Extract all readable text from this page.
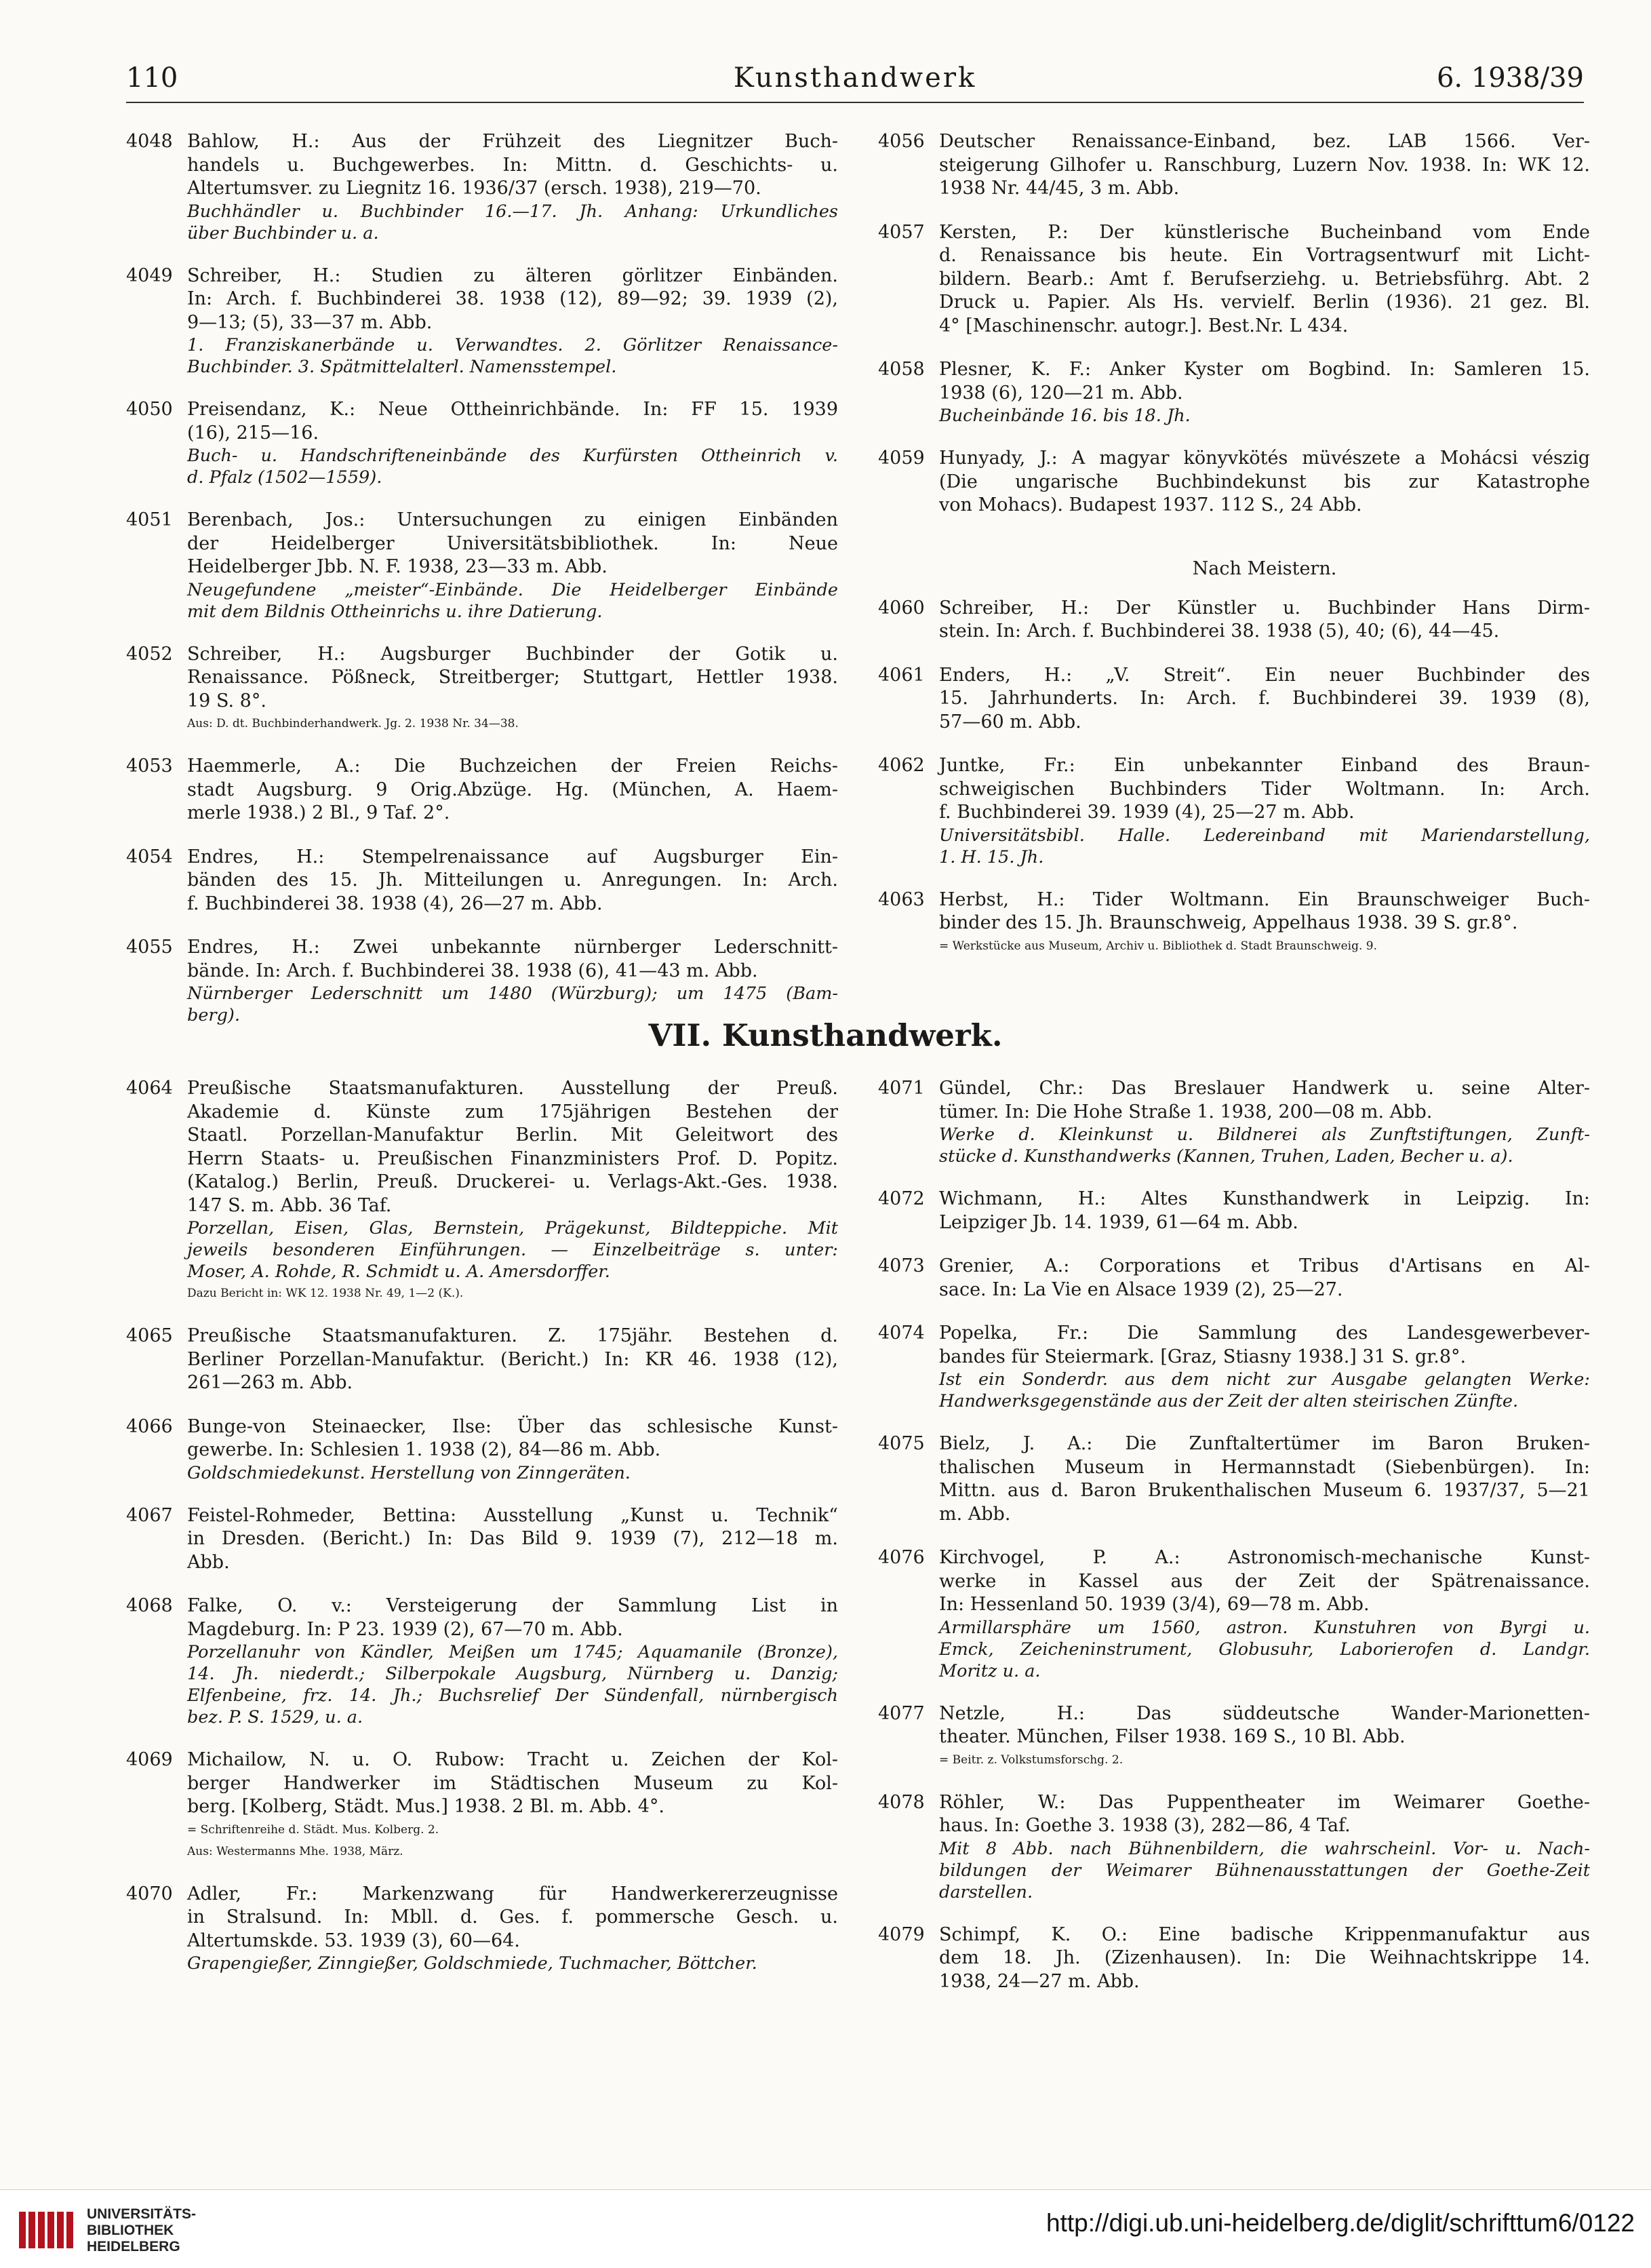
110	Kunsthandwerk	6. 1938/39
4048 Bahlow, H.: Aus der Frühzeit des Liegnitzer Buch-
handels u. Buchgewerbes. In: Mittn. d. Geschichts- u.
Altertumsver. zu Liegnitz 16. 1936/37 (ersch. 1938), 219—70.
Buchhändler u. Buchbinder 16.—17. Jh. Anhang: Urkundliches
über Buchbinder u. a.
4049 Schreiber, H.: Studien zu älteren görlitzer Einbänden.
In: Arch. f. Buchbinderei 38. 1938 (12), 89—92; 39. 1939 (2),
9—13; (5), 33—37 m. Abb.
1. Franziskanerbände u. Verwandtes. 2. Görlitzer Renaissance-
Buchbinder. 3. Spätmittelalterl. Namensstempel.
4050 Preisendanz, K.: Neue Ottheinrichbände. In: FF 15. 1939
(16), 215—16.
Buch- u. Handschrifteneinbände des Kurfürsten Ottheinrich v.
d. Pfalz (1502—1559).
4051 Berenbach, Jos.: Untersuchungen zu einigen Einbänden
der Heidelberger Universitätsbibliothek. In: Neue
Heidelberger Jbb. N. F. 1938, 23—33 m. Abb.
Neugefundene „meister“-Einbände. Die Heidelberger Einbände
mit dem Bildnis Ottheinrichs u. ihre Datierung.
4052 Schreiber, H.: Augsburger Buchbinder der Gotik u.
Renaissance. Pößneck, Streitberger; Stuttgart, Hettler 1938.
19 S. 8°.
Aus: D. dt. Buchbinderhandwerk. Jg. 2. 1938 Nr. 34—38.
4053 Haemmerle, A.: Die Buchzeichen der Freien Reichs-
stadt Augsburg. 9 Orig.Abzüge. Hg. (München, A. Haem-
merle 1938.) 2 Bl., 9 Taf. 2°.
4054 Endres, H.: Stempelrenaissance auf Augsburger Ein-
bänden des 15. Jh. Mitteilungen u. Anregungen. In: Arch.
f. Buchbinderei 38. 1938 (4), 26—27 m. Abb.
4055 Endres, H.: Zwei unbekannte nürnberger Lederschnitt-
bände. In: Arch. f. Buchbinderei 38. 1938 (6), 41—43 m. Abb.
Nürnberger Lederschnitt um 1480 (Würzburg); um 1475 (Bam-
berg).
4056 Deutscher Renaissance-Einband, bez. LAB 1566. Ver-
steigerung Gilhofer u. Ranschburg, Luzern Nov. 1938. In: WK 12.
1938 Nr. 44/45, 3 m. Abb.
4057 Kersten, P.: Der künstlerische Bucheinband vom Ende
d. Renaissance bis heute. Ein Vortragsentwurf mit Licht-
bildern. Bearb.: Amt f. Berufserziehg. u. Betriebsführg. Abt. 2
Druck u. Papier. Als Hs. vervielf. Berlin (1936). 21 gez. Bl.
4° [Maschinenschr. autogr.]. Best.Nr. L 434.
4058 Plesner, K. F.: Anker Kyster om Bogbind. In: Samleren 15.
1938 (6), 120—21 m. Abb.
Bucheinbände 16. bis 18. Jh.
4059 Hunyady, J.: A magyar könyvkötés müvészete a Mohácsi vészig
(Die ungarische Buchbindekunst bis zur Katastrophe
von Mohacs). Budapest 1937. 112 S., 24 Abb.
Nach Meistern.
4060 Schreiber, H.: Der Künstler u. Buchbinder Hans Dirm-
stein. In: Arch. f. Buchbinderei 38. 1938 (5), 40; (6), 44—45.
4061 Enders, H.: „V. Streit“. Ein neuer Buchbinder des
15. Jahrhunderts. In: Arch. f. Buchbinderei 39. 1939 (8),
57—60 m. Abb.
4062 Juntke, Fr.: Ein unbekannter Einband des Braun-
schweigischen Buchbinders Tider Woltmann. In: Arch.
f. Buchbinderei 39. 1939 (4), 25—27 m. Abb.
Universitätsbibl. Halle. Ledereinband mit Mariendarstellung,
1. H. 15. Jh.
4063 Herbst, H.: Tider Woltmann. Ein Braunschweiger Buch-
binder des 15. Jh. Braunschweig, Appelhaus 1938. 39 S. gr.8°.
= Werkstücke aus Museum, Archiv u. Bibliothek d. Stadt Braunschweig. 9.
VII. Kunsthandwerk.
4064 Preußische Staatsmanufakturen. Ausstellung der Preuß.
Akademie d. Künste zum 175jährigen Bestehen der
Staatl. Porzellan-Manufaktur Berlin. Mit Geleitwort des
Herrn Staats- u. Preußischen Finanzministers Prof. D. Popitz.
(Katalog.) Berlin, Preuß. Druckerei- u. Verlags-Akt.-Ges. 1938.
147 S. m. Abb. 36 Taf.
Porzellan, Eisen, Glas, Bernstein, Prägekunst, Bildteppiche. Mit
jeweils besonderen Einführungen. — Einzelbeiträge s. unter:
Moser, A. Rohde, R. Schmidt u. A. Amersdorffer.
Dazu Bericht in: WK 12. 1938 Nr. 49, 1—2 (K.).
4065 Preußische Staatsmanufakturen. Z. 175jähr. Bestehen d.
Berliner Porzellan-Manufaktur. (Bericht.) In: KR 46. 1938 (12),
261—263 m. Abb.
4066 Bunge-von Steinaecker, Ilse: Über das schlesische Kunst-
gewerbe. In: Schlesien 1. 1938 (2), 84—86 m. Abb.
Goldschmiedekunst. Herstellung von Zinngeräten.
4067 Feistel-Rohmeder, Bettina: Ausstellung „Kunst u. Technik“
in Dresden. (Bericht.) In: Das Bild 9. 1939 (7), 212—18 m.
Abb.
4068 Falke, O. v.: Versteigerung der Sammlung List in
Magdeburg. In: P 23. 1939 (2), 67—70 m. Abb.
Porzellanuhr von Kändler, Meißen um 1745; Aquamanile (Bronze),
14. Jh. niederdt.; Silberpokale Augsburg, Nürnberg u. Danzig;
Elfenbeine, frz. 14. Jh.; Buchsrelief Der Sündenfall, nürnbergisch
bez. P. S. 1529, u. a.
4069 Michailow, N. u. O. Rubow: Tracht u. Zeichen der Kol-
berger Handwerker im Städtischen Museum zu Kol-
berg. [Kolberg, Städt. Mus.] 1938. 2 Bl. m. Abb. 4°.
= Schriftenreihe d. Städt. Mus. Kolberg. 2.
Aus: Westermanns Mhe. 1938, März.
4070 Adler, Fr.: Markenzwang für Handwerkererzeugnisse
in Stralsund. In: Mbll. d. Ges. f. pommersche Gesch. u.
Altertumskde. 53. 1939 (3), 60—64.
Grapengießer, Zinngießer, Goldschmiede, Tuchmacher, Böttcher.
4071 Gündel, Chr.: Das Breslauer Handwerk u. seine Alter-
tümer. In: Die Hohe Straße 1. 1938, 200—08 m. Abb.
Werke d. Kleinkunst u. Bildnerei als Zunftstiftungen, Zunft-
stücke d. Kunsthandwerks (Kannen, Truhen, Laden, Becher u. a).
4072 Wichmann, H.: Altes Kunsthandwerk in Leipzig. In:
Leipziger Jb. 14. 1939, 61—64 m. Abb.
4073 Grenier, A.: Corporations et Tribus d'Artisans en Al-
sace. In: La Vie en Alsace 1939 (2), 25—27.
4074 Popelka, Fr.: Die Sammlung des Landesgewerbever-
bandes für Steiermark. [Graz, Stiasny 1938.] 31 S. gr.8°.
Ist ein Sonderdr. aus dem nicht zur Ausgabe gelangten Werke:
Handwerksgegenstände aus der Zeit der alten steirischen Zünfte.
4075 Bielz, J. A.: Die Zunftaltertümer im Baron Bruken-
thalischen Museum in Hermannstadt (Siebenbürgen). In:
Mittn. aus d. Baron Brukenthalischen Museum 6. 1937/37, 5—21
m. Abb.
4076 Kirchvogel, P. A.: Astronomisch-mechanische Kunst-
werke in Kassel aus der Zeit der Spätrenaissance.
In: Hessenland 50. 1939 (3/4), 69—78 m. Abb.
Armillarsphäre um 1560, astron. Kunstuhren von Byrgi u.
Emck, Zeicheninstrument, Globusuhr, Laborierofen d. Landgr.
Moritz u. a.
4077 Netzle, H.: Das süddeutsche Wander-Marionetten-
theater. München, Filser 1938. 169 S., 10 Bl. Abb.
= Beitr. z. Volkstumsforschg. 2.
4078 Röhler, W.: Das Puppentheater im Weimarer Goethe-
haus. In: Goethe 3. 1938 (3), 282—86, 4 Taf.
Mit 8 Abb. nach Bühnenbildern, die wahrscheinl. Vor- u. Nach-
bildungen der Weimarer Bühnenausstattungen der Goethe-Zeit
darstellen.
4079 Schimpf, K. O.: Eine badische Krippenmanufaktur aus
dem 18. Jh. (Zizenhausen). In: Die Weihnachtskrippe 14.
1938, 24—27 m. Abb.
UNIVERSITÄTS-
BIBLIOTHEK
HEIDELBERG
http://digi.ub.uni-heidelberg.de/diglit/schrifttum6/0122
